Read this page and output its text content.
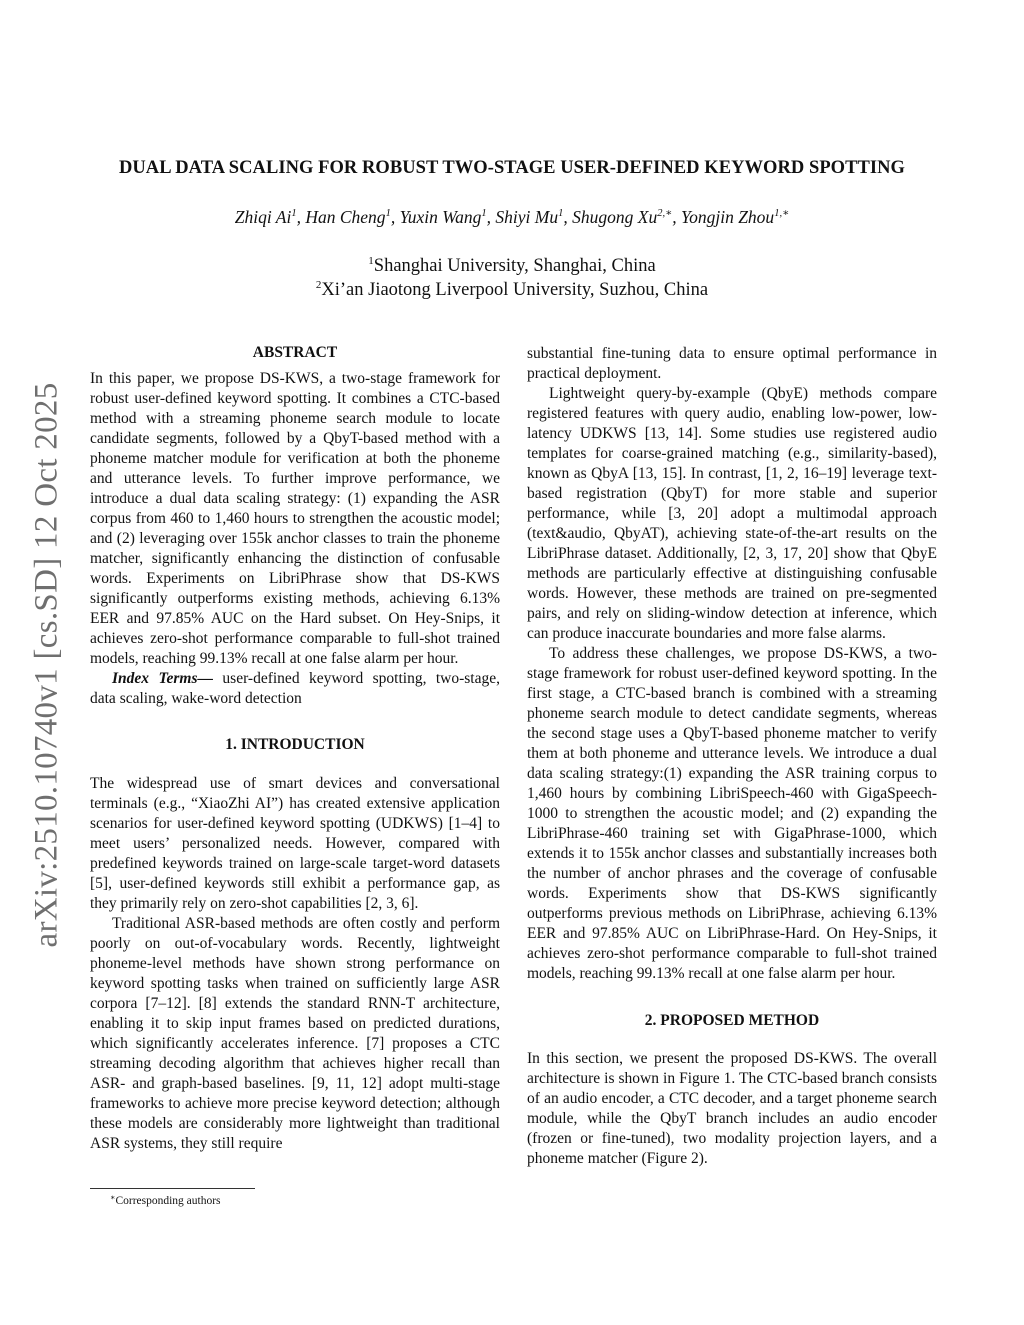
arXiv:2510.10740v1 [cs.SD] 12 Oct 2025
DUAL DATA SCALING FOR ROBUST TWO-STAGE USER-DEFINED KEYWORD SPOTTING
Zhiqi Ai$^1$, Han Cheng$^1$, Yuxin Wang$^1$, Shiyi Mu$^1$, Shugong $Xu^{2,∗}$, Yongjin Zhou$^{1,∗}$
$^1$Shanghai University, Shanghai, China
$^2$Xi’an Jiaotong Liverpool University, Suzhou, China
ABSTRACT

In this paper, we propose DS-KWS, a two-stage framework for robust user-defined keyword spotting. It combines a CTC-based method with a streaming phoneme search module to locate candidate segments, followed by a QbyT-based method with a phoneme matcher module for verification at both the phoneme and utterance levels. To further improve performance, we introduce a dual data scaling strategy: (1) expanding the ASR corpus from 460 to 1,460 hours to strengthen the acoustic model; and (2) leveraging over 155k anchor classes to train the phoneme matcher, significantly enhancing the distinction of confusable words. Experiments on LibriPhrase show that DS-KWS significantly outperforms existing methods, achieving 6.13% EER and 97.85% AUC on the Hard subset. On Hey-Snips, it achieves zero-shot performance comparable to full-shot trained models, reaching 99.13% recall at one false alarm per hour.

Index Terms— user-defined keyword spotting, two-stage, data scaling, wake-word detection

1. INTRODUCTION

The widespread use of smart devices and conversational terminals (e.g., “XiaoZhi AI”) has created extensive application scenarios for user-defined keyword spotting (UDKWS) [1–4] to meet users’ personalized needs. However, compared with predefined keywords trained on large-scale target-word datasets [5], user-defined keywords still exhibit a performance gap, as they primarily rely on zero-shot capabilities [2, 3, 6].

Traditional ASR-based methods are often costly and perform poorly on out-of-vocabulary words. Recently, lightweight phoneme-level methods have shown strong performance on keyword spotting tasks when trained on sufficiently large ASR corpora [7–12]. [8] extends the standard RNN-T architecture, enabling it to skip input frames based on predicted durations, which significantly accelerates inference. [7] proposes a CTC streaming decoding algorithm that achieves higher recall than ASR- and graph-based baselines. [9, 11, 12] adopt multi-stage frameworks to achieve more precise keyword detection; although these models are considerably more lightweight than traditional ASR systems, they still require

substantial fine-tuning data to ensure optimal performance in practical deployment.

Lightweight query-by-example (QbyE) methods compare registered features with query audio, enabling low-power, low-latency UDKWS [13, 14]. Some studies use registered audio templates for coarse-grained matching (e.g., similarity-based), known as QbyA [13, 15]. In contrast, [1, 2, 16–19] leverage text-based registration (QbyT) for more stable and superior performance, while [3, 20] adopt a multimodal approach (text&audio, QbyAT), achieving state-of-the-art results on the LibriPhrase dataset. Additionally, [2, 3, 17, 20] show that QbyE methods are particularly effective at distinguishing confusable words. However, these methods are trained on pre-segmented pairs, and rely on sliding-window detection at inference, which can produce inaccurate boundaries and more false alarms.

To address these challenges, we propose DS-KWS, a two-stage framework for robust user-defined keyword spotting. In the first stage, a CTC-based branch is combined with a streaming phoneme search module to detect candidate segments, whereas the second stage uses a QbyT-based phoneme matcher to verify them at both phoneme and utterance levels. We introduce a dual data scaling strategy:(1) expanding the ASR training corpus to 1,460 hours by combining LibriSpeech-460 with GigaSpeech-1000 to strengthen the acoustic model; and (2) expanding the LibriPhrase-460 training set with GigaPhrase-1000, which extends it to 155k anchor classes and substantially increases both the number of anchor phrases and the coverage of confusable words. Experiments show that DS-KWS significantly outperforms previous methods on LibriPhrase, achieving 6.13% EER and 97.85% AUC on LibriPhrase-Hard. On Hey-Snips, it achieves zero-shot performance comparable to full-shot trained models, reaching 99.13% recall at one false alarm per hour.

2. PROPOSED METHOD

In this section, we present the proposed DS-KWS. The overall architecture is shown in Figure 1. The CTC-based branch consists of an audio encoder, a CTC decoder, and a target phoneme search module, while the QbyT branch includes an audio encoder (frozen or fine-tuned), two modality projection layers, and a phoneme matcher (Figure 2).

∗Corresponding authors
